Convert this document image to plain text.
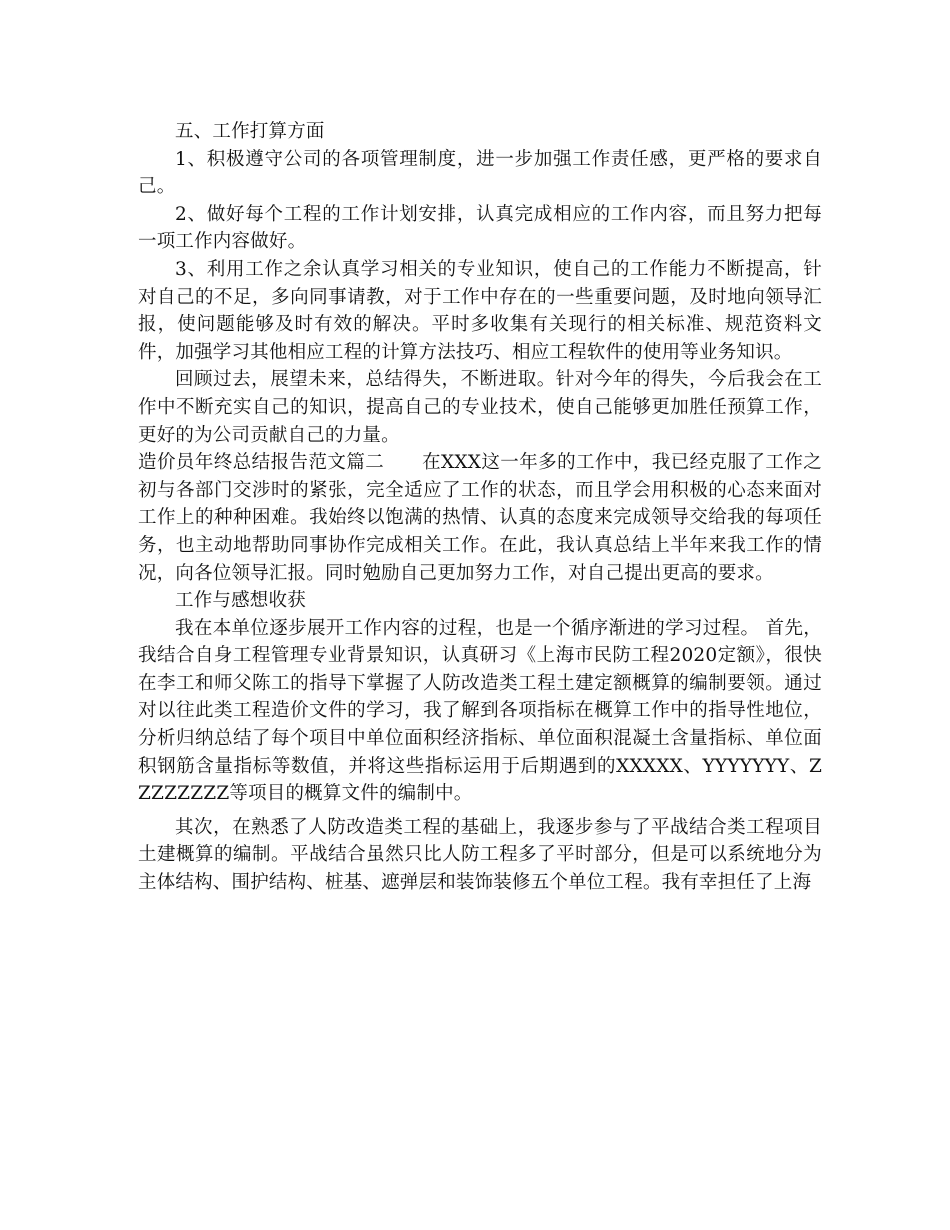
五、工作打算方面

1、积极遵守公司的各项管理制度，进一步加强工作责任感，更严格的要求自己。

2、做好每个工程的工作计划安排，认真完成相应的工作内容，而且努力把每一项工作内容做好。

3、利用工作之余认真学习相关的专业知识，使自己的工作能力不断提高，针对自己的不足，多向同事请教，对于工作中存在的一些重要问题，及时地向领导汇报，使问题能够及时有效的解决。平时多收集有关现行的相关标准、规范资料文件，加强学习其他相应工程的计算方法技巧、相应工程软件的使用等业务知识。

回顾过去，展望未来，总结得失，不断进取。针对今年的得失，今后我会在工作中不断充实自己的知识，提高自己的专业技术，使自己能够更加胜任预算工作，更好的为公司贡献自己的力量。

造价员年终总结报告范文篇二　　在XXX这一年多的工作中，我已经克服了工作之初与各部门交涉时的紧张，完全适应了工作的状态，而且学会用积极的心态来面对工作上的种种困难。我始终以饱满的热情、认真的态度来完成领导交给我的每项任务，也主动地帮助同事协作完成相关工作。在此，我认真总结上半年来我工作的情况，向各位领导汇报。同时勉励自己更加努力工作，对自己提出更高的要求。

工作与感想收获

我在本单位逐步展开工作内容的过程，也是一个循序渐进的学习过程。 首先，我结合自身工程管理专业背景知识，认真研习《上海市民防工程2020定额》，很快在李工和师父陈工的指导下掌握了人防改造类工程土建定额概算的编制要领。通过对以往此类工程造价文件的学习，我了解到各项指标在概算工作中的指导性地位，分析归纳总结了每个项目中单位面积经济指标、单位面积混凝土含量指标、单位面积钢筋含量指标等数值，并将这些指标运用于后期遇到的XXXXX、YYYYYYY、ZZZZZZZZ等项目的概算文件的编制中。

其次，在熟悉了人防改造类工程的基础上，我逐步参与了平战结合类工程项目土建概算的编制。平战结合虽然只比人防工程多了平时部分，但是可以系统地分为主体结构、围护结构、桩基、遮弹层和装饰装修五个单位工程。我有幸担任了上海
